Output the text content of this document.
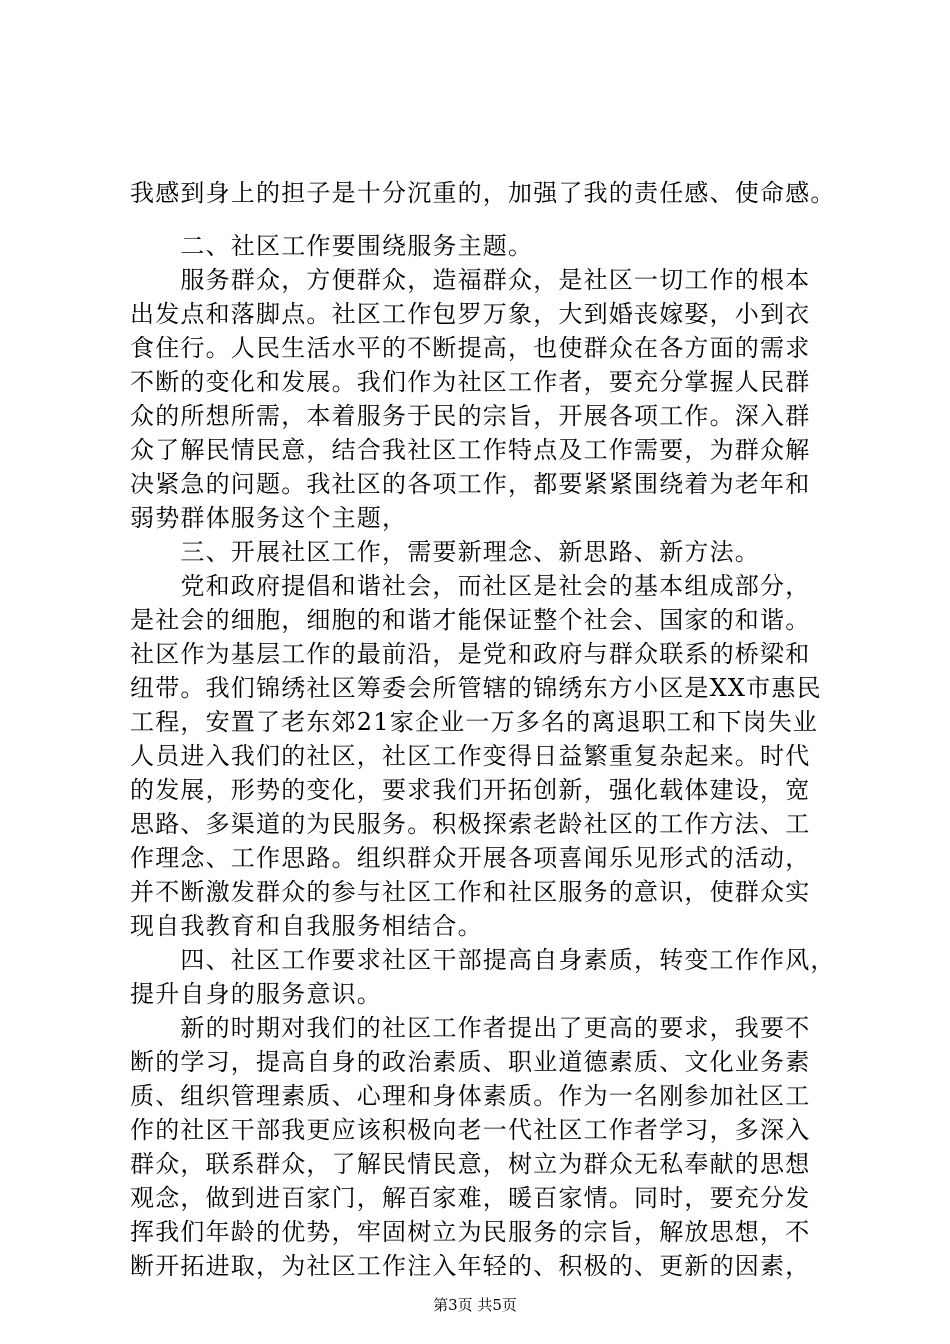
我感到身上的担子是十分沉重的，加强了我的责任感、使命感。
　　二、社区工作要围绕服务主题。
　　服务群众，方便群众，造福群众，是社区一切工作的根本
出发点和落脚点。社区工作包罗万象，大到婚丧嫁娶，小到衣
食住行。人民生活水平的不断提高，也使群众在各方面的需求
不断的变化和发展。我们作为社区工作者，要充分掌握人民群
众的所想所需，本着服务于民的宗旨，开展各项工作。深入群
众了解民情民意，结合我社区工作特点及工作需要，为群众解
决紧急的问题。我社区的各项工作，都要紧紧围绕着为老年和
弱势群体服务这个主题，
　　三、开展社区工作，需要新理念、新思路、新方法。
　　党和政府提倡和谐社会，而社区是社会的基本组成部分，
是社会的细胞，细胞的和谐才能保证整个社会、国家的和谐。
社区作为基层工作的最前沿，是党和政府与群众联系的桥梁和
纽带。我们锦绣社区筹委会所管辖的锦绣东方小区是XX市惠民
工程，安置了老东郊21家企业一万多名的离退职工和下岗失业
人员进入我们的社区，社区工作变得日益繁重复杂起来。时代
的发展，形势的变化，要求我们开拓创新，强化载体建设，宽
思路、多渠道的为民服务。积极探索老龄社区的工作方法、工
作理念、工作思路。组织群众开展各项喜闻乐见形式的活动，
并不断激发群众的参与社区工作和社区服务的意识，使群众实
现自我教育和自我服务相结合。
　　四、社区工作要求社区干部提高自身素质，转变工作作风，
提升自身的服务意识。
　　新的时期对我们的社区工作者提出了更高的要求，我要不
断的学习，提高自身的政治素质、职业道德素质、文化业务素
质、组织管理素质、心理和身体素质。作为一名刚参加社区工
作的社区干部我更应该积极向老一代社区工作者学习，多深入
群众，联系群众，了解民情民意，树立为群众无私奉献的思想
观念，做到进百家门，解百家难，暖百家情。同时，要充分发
挥我们年龄的优势，牢固树立为民服务的宗旨，解放思想，不
断开拓进取，为社区工作注入年轻的、积极的、更新的因素，
第3页 共5页
